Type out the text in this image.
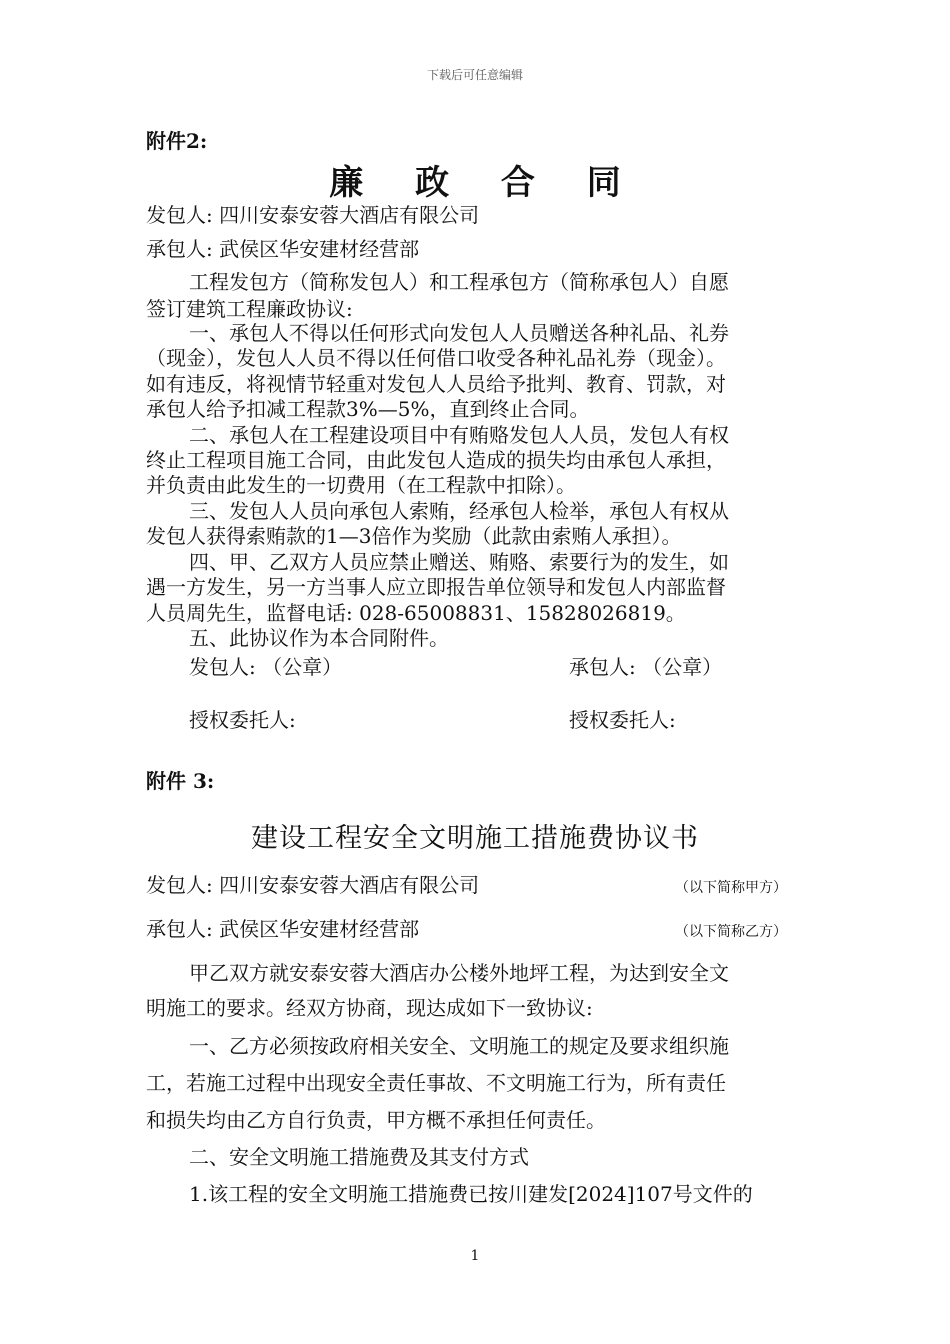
下载后可任意编辑
附件2:
廉 政 合 同
发包人: 四川安泰安蓉大酒店有限公司
承包人: 武侯区华安建材经营部
工程发包方（简称发包人）和工程承包方（简称承包人）自愿
签订建筑工程廉政协议:
一、承包人不得以任何形式向发包人人员赠送各种礼品、礼券
（现金），发包人人员不得以任何借口收受各种礼品礼券（现金）。
如有违反，将视情节轻重对发包人人员给予批判、教育、罚款，对
承包人给予扣减工程款3%—5%，直到终止合同。
二、承包人在工程建设项目中有贿赂发包人人员，发包人有权
终止工程项目施工合同，由此发包人造成的损失均由承包人承担，
并负责由此发生的一切费用（在工程款中扣除）。
三、发包人人员向承包人索贿，经承包人检举，承包人有权从
发包人获得索贿款的1—3倍作为奖励（此款由索贿人承担）。
四、甲、乙双方人员应禁止赠送、贿赂、索要行为的发生，如
遇一方发生，另一方当事人应立即报告单位领导和发包人内部监督
人员周先生，监督电话: 028-65008831、15828026819。
五、此协议作为本合同附件。
发包人: （公章）	承包人: （公章）
授权委托人:	授权委托人:
附件 3:
建设工程安全文明施工措施费协议书
发包人: 四川安泰安蓉大酒店有限公司	（以下简称甲方）
承包人: 武侯区华安建材经营部	（以下简称乙方）
甲乙双方就安泰安蓉大酒店办公楼外地坪工程，为达到安全文
明施工的要求。经双方协商，现达成如下一致协议:
一、乙方必须按政府相关安全、文明施工的规定及要求组织施
工，若施工过程中出现安全责任事故、不文明施工行为，所有责任
和损失均由乙方自行负责，甲方概不承担任何责任。
二、安全文明施工措施费及其支付方式
1.该工程的安全文明施工措施费已按川建发[2024]107号文件的
1
